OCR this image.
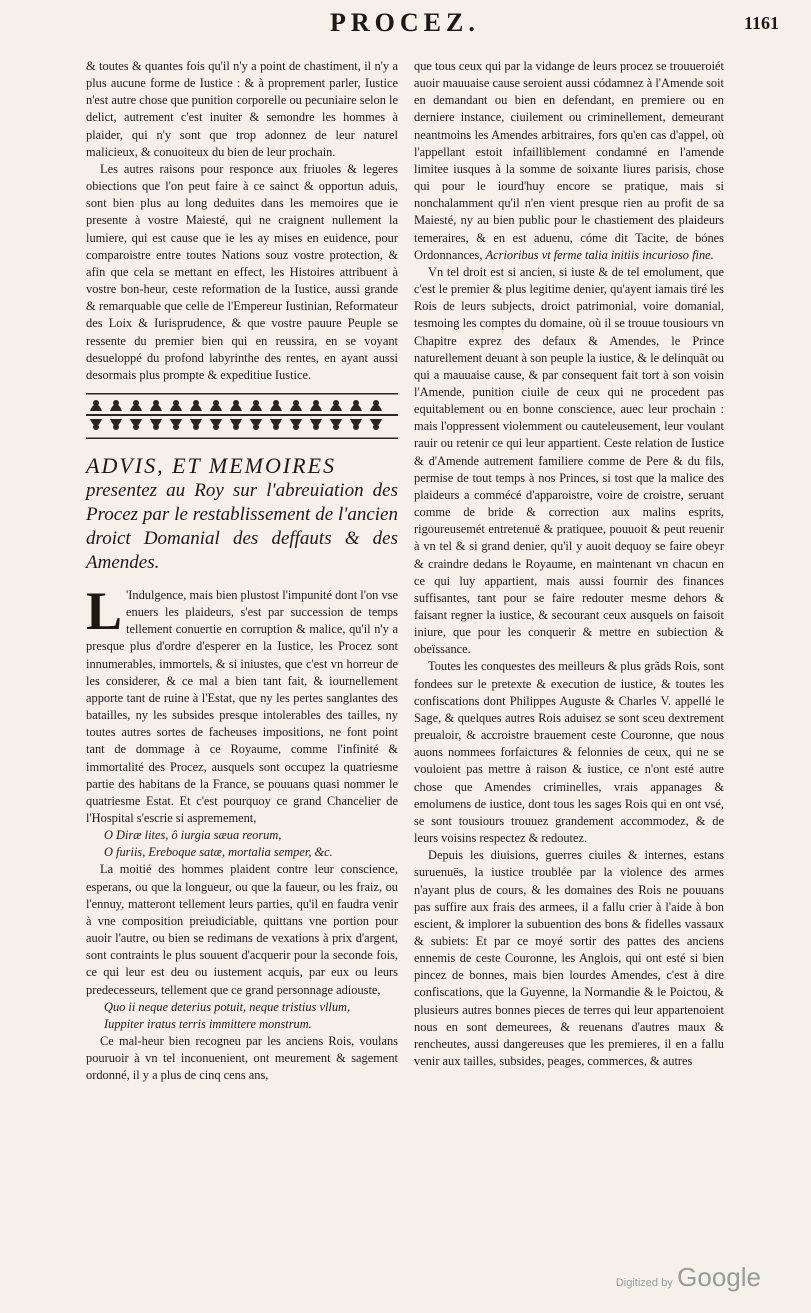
PROCEZ.	1161

& toutes & quantes fois qu'il n'y a point de chastiment, il n'y a plus aucune forme de Iustice : & à proprement parler, Iustice n'est autre chose que punition corporelle ou pecuniaire selon le delict, autrement c'est inuiter & semondre les hommes à plaider, qui n'y sont que trop adonnez de leur naturel malicieux, & conuoiteux du bien de leur prochain.

Les autres raisons pour responce aux friuoles & legeres obiections que l'on peut faire à ce sainct & opportun aduis, sont bien plus au long deduites dans les memoires que ie presente à vostre Maiesté, qui ne craignent nullement la lumiere, qui est cause que ie les ay mises en euidence, pour comparoistre entre toutes Nations souz vostre protection, & afin que cela se mettant en effect, les Histoires attribuent à vostre bon-heur, ceste reformation de la Iustice, aussi grande & remarquable que celle de l'Empereur Iustinian, Reformateur des Loix & Iurisprudence, & que vostre pauure Peuple se ressente du premier bien qui en reussira, en se voyant desueloppé du profond labyrinthe des rentes, en ayant aussi desormais plus prompte & expeditiue Iustice.

ADVIS, ET MEMOIRES
presentez au Roy sur l'abreuiation des Procez par le restablissement de l'ancien droict Domanial des deffauts & des Amendes.

L 'Indulgence, mais bien plustost l'impunité dont l'on vse enuers les plaideurs, s'est par succession de temps tellement conuertie en corruption & malice, qu'il n'y a presque plus d'ordre d'esperer en la Iustice, les Procez sont innumerables, immortels, & si iniustes, que c'est vn horreur de les considerer, & ce mal a bien tant fait, & iournellement apporte tant de ruine à l'Estat, que ny les pertes sanglantes des batailles, ny les subsides presque intolerables des tailles, ny toutes autres sortes de facheuses impositions, ne font point tant de dommage à ce Royaume, comme l'infinité & immortalité des Procez, ausquels sont occupez la quatriesme partie des habitans de la France, se pouuans quasi nommer le quatriesme Estat. Et c'est pourquoy ce grand Chancelier de l'Hospital s'escrie si aspremement,

O Diræ lites, ô iurgia sæua reorum,

O furiis, Ereboque satæ, mortalia semper, &c.

La moitié des hommes plaident contre leur conscience, esperans, ou que la longueur, ou que la faueur, ou les fraiz, ou l'ennuy, matteront tellement leurs parties, qu'il en faudra venir à vne composition preiudiciable, quittans vne portion pour auoir l'autre, ou bien se redimans de vexations à prix d'argent, sont contraints le plus souuent d'acquerir pour la seconde fois, ce qui leur est deu ou iustement acquis, par eux ou leurs predecesseurs, tellement que ce grand personnage adiouste,

Quo ii neque deterius potuit, neque tristius vllum,

Iuppiter iratus terris immittere monstrum.

Ce mal-heur bien recogneu par les anciens Rois, voulans pouruoir à vn tel inconuenient, ont meurement & sagement ordonné, il y a plus de cinq cens ans,

que tous ceux qui par la vidange de leurs procez se trouueroiét auoir mauuaise cause seroient aussi códamnez à l'Amende soit en demandant ou bien en defendant, en premiere ou en derniere instance, ciuilement ou criminellement, demeurant neantmoins les Amendes arbitraires, fors qu'en cas d'appel, où l'appellant estoit infailliblement condamné en l'amende limitee iusques à la somme de soixante liures parisis, chose qui pour le iourd'huy encore se pratique, mais si nonchalamment qu'il n'en vient presque rien au profit de sa Maiesté, ny au bien public pour le chastiement des plaideurs temeraires, & en est aduenu, cóme dit Tacite, de bónes Ordonnances, Acrioribus vt ferme talia initiis incurioso fine.

Vn tel droit est si ancien, si iuste & de tel emolument, que c'est le premier & plus legitime denier, qu'ayent iamais tiré les Rois de leurs subjects, droict patrimonial, voire domanial, tesmoing les comptes du domaine, où il se trouue tousiours vn Chapitre exprez des defaux & Amendes, le Prince naturellement deuant à son peuple la iustice, & le delinquãt ou qui a mauuaise cause, & par consequent fait tort à son voisin l'Amende, punition ciuile de ceux qui ne procedent pas equitablement ou en bonne conscience, auec leur prochain : mais l'oppressent violemment ou cauteleusement, leur voulant rauir ou retenir ce qui leur appartient. Ceste relation de Iustice & d'Amende autrement familiere comme de Pere & du fils, permise de tout temps à nos Princes, si tost que la malice des plaideurs a commécé d'apparoistre, voire de croistre, seruant comme de bride & correction aux malins esprits, rigoureusemét entretenuë & pratiquee, pouuoit & peut reuenir à vn tel & si grand denier, qu'il y auoit dequoy se faire obeyr & craindre dedans le Royaume, en maintenant vn chacun en ce qui luy appartient, mais aussi fournir des finances suffisantes, tant pour se faire redouter mesme dehors & faisant regner la iustice, & secourant ceux ausquels on faisoit iniure, que pour les conquerir & mettre en subiection & obeïssance.

Toutes les conquestes des meilleurs & plus grãds Rois, sont fondees sur le pretexte & execution de iustice, & toutes les confiscations dont Philippes Auguste & Charles V. appellé le Sage, & quelques autres Rois aduisez se sont sceu dextrement preualoir, & accroistre brauement ceste Couronne, que nous auons nommees forfaictures & felonnies de ceux, qui ne se vouloient pas mettre à raison & iustice, ce n'ont esté autre chose que Amendes criminelles, vrais appanages & emolumens de iustice, dont tous les sages Rois qui en ont vsé, se sont tousiours trouuez grandement accommodez, & de leurs voisins respectez & redoutez.

Depuis les diuisions, guerres ciuiles & internes, estans suruenuës, la iustice troublée par la violence des armes n'ayant plus de cours, & les domaines des Rois ne pouuans pas suffire aux frais des armees, il a fallu crier à l'aide à bon escient, & implorer la subuention des bons & fidelles vassaux & subiets: Et par ce moyé sortir des pattes des anciens ennemis de ceste Couronne, les Anglois, qui ont esté si bien pincez de bonnes, mais bien lourdes Amendes, c'est à dire confiscations, que la Guyenne, la Normandie & le Poictou, & plusieurs autres bonnes pieces de terres qui leur appartenoient nous en sont demeurees, & reuenans d'autres maux & rencheutes, aussi dangereuses que les premieres, il en a fallu venir aux tailles, subsides, peages, commerces, & autres

Digitized by Google
